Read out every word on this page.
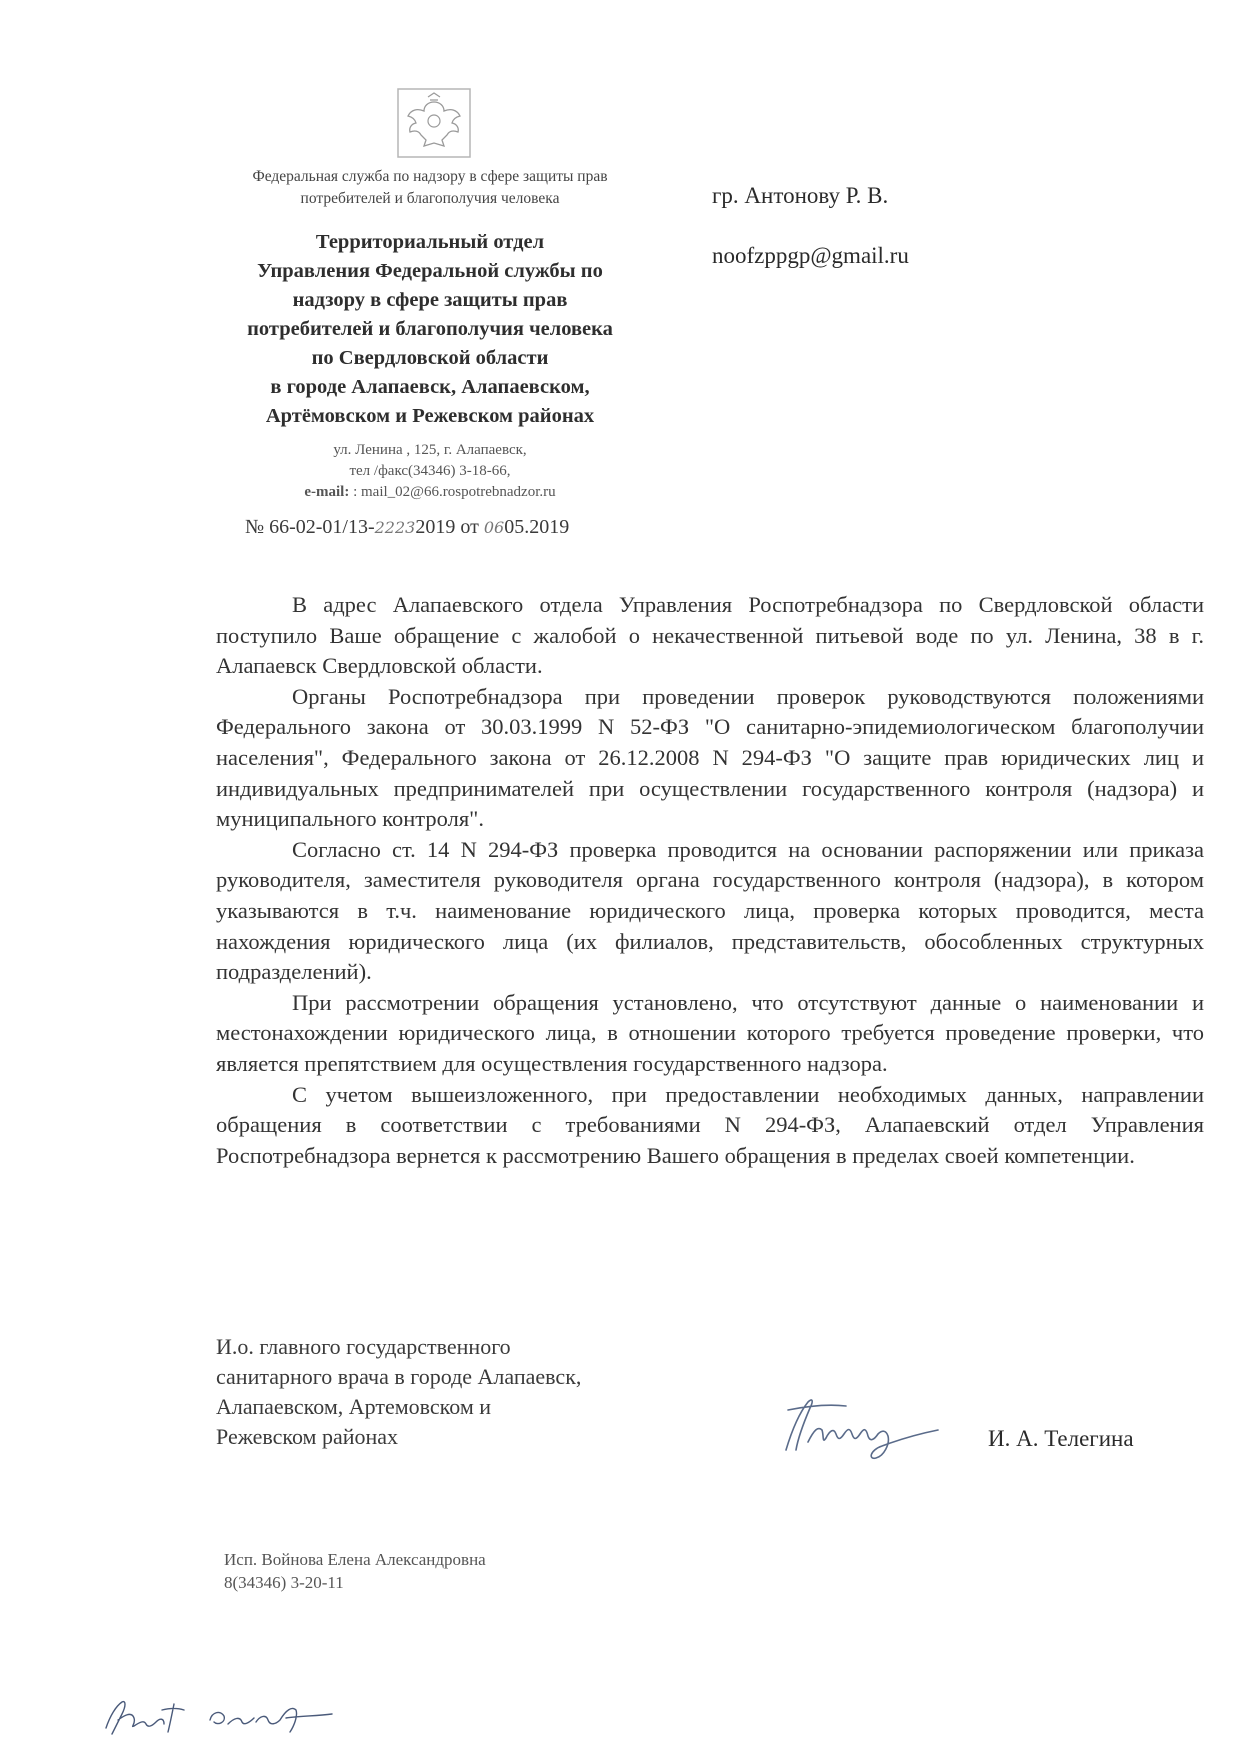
Федеральная служба по надзору в сфере защиты прав
потребителей и благополучия человека
Территориальный отдел
Управления Федеральной службы по
надзору в сфере защиты прав
потребителей и благополучия человека
по Свердловской области
в городе Алапаевск, Алапаевском,
Артёмовском и Режевском районах
ул. Ленина , 125, г. Алапаевск,
тел /факс(34346) 3-18-66,
e-mail: : mail_02@66.rospotrebnadzor.ru
№ 66-02-01/13-22232019 от 0605.2019
гр. Антонову Р. В.
noofzppgp@gmail.ru

В адрес Алапаевского отдела Управления Роспотребнадзора по Свердловской области поступило Ваше обращение с жалобой о некачественной питьевой воде по ул. Ленина, 38 в г. Алапаевск Свердловской области.

Органы Роспотребнадзора при проведении проверок руководствуются положениями Федерального закона от 30.03.1999 N 52-ФЗ "О санитарно-эпидемиологическом благополучии населения", Федерального закона от 26.12.2008 N 294-ФЗ "О защите прав юридических лиц и индивидуальных предпринимателей при осуществлении государственного контроля (надзора) и муниципального контроля".

Согласно ст. 14 N 294-ФЗ проверка проводится на основании распоряжении или приказа руководителя, заместителя руководителя органа государственного контроля (надзора), в котором указываются в т.ч. наименование юридического лица, проверка которых проводится, места нахождения юридического лица (их филиалов, представительств, обособленных структурных подразделений).

При рассмотрении обращения установлено, что отсутствуют данные о наименовании и местонахождении юридического лица, в отношении которого требуется проведение проверки, что является препятствием для осуществления государственного надзора.

С учетом вышеизложенного, при предоставлении необходимых данных, направлении обращения в соответствии с требованиями N 294-ФЗ, Алапаевский отдел Управления Роспотребнадзора вернется к рассмотрению Вашего обращения в пределах своей компетенции.

И.о. главного государственного
санитарного врача в городе Алапаевск,
Алапаевском, Артемовском и
Режевском районах	И. А. Телегина
Исп. Войнова Елена Александровна
8(34346) 3-20-11
